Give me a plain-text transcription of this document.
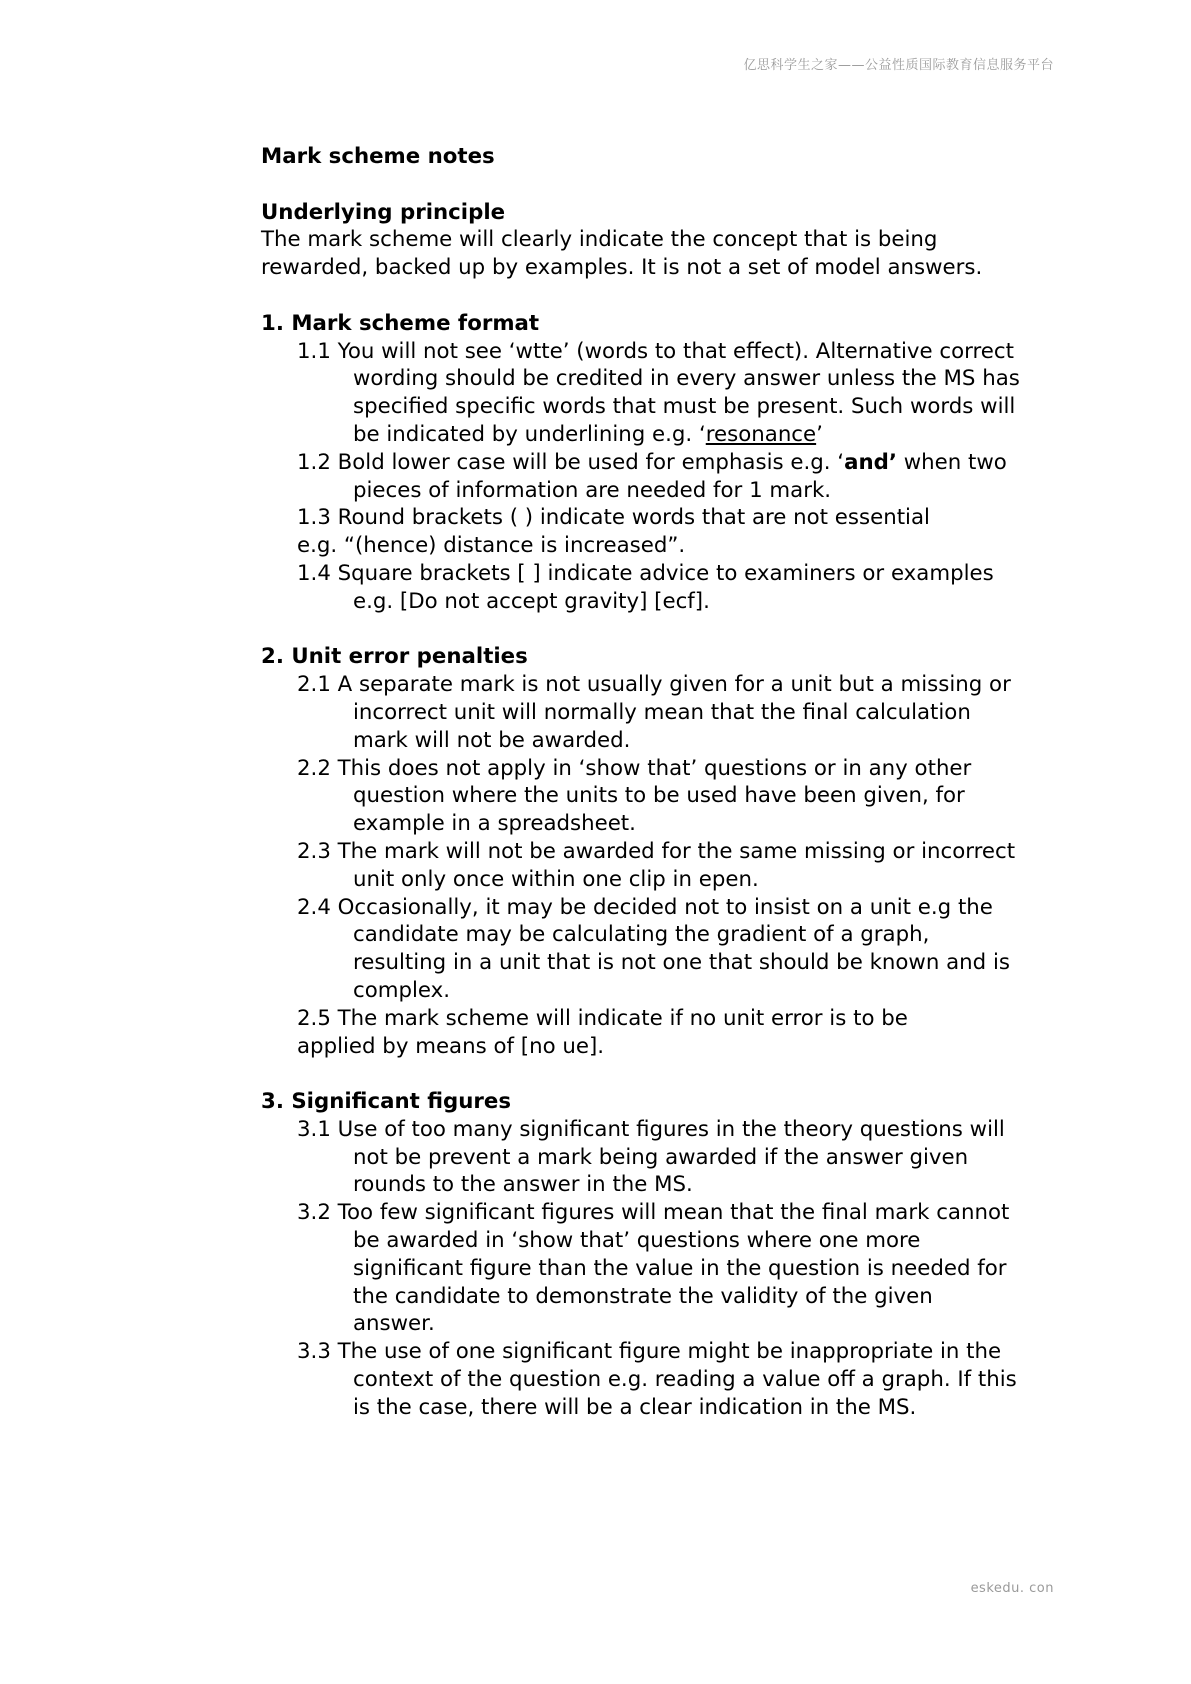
亿思科学生之家——公益性质国际教育信息服务平台

Mark scheme notes

Underlying principle

The mark scheme will clearly indicate the concept that is being rewarded, backed up by examples. It is not a set of model answers.

1. Mark scheme format

1.1 You will not see ‘wtte’ (words to that effect). Alternative correct wording should be credited in every answer unless the MS has specified specific words that must be present. Such words will be indicated by underlining e.g. ‘resonance’

1.2 Bold lower case will be used for emphasis e.g. ‘and’ when two pieces of information are needed for 1 mark.

1.3 Round brackets ( ) indicate words that are not essential

e.g. “(hence) distance is increased”.

1.4 Square brackets [ ] indicate advice to examiners or examples e.g. [Do not accept gravity] [ecf].

2. Unit error penalties

2.1 A separate mark is not usually given for a unit but a missing or incorrect unit will normally mean that the final calculation mark will not be awarded.

2.2 This does not apply in ‘show that’ questions or in any other question where the units to be used have been given, for example in a spreadsheet.

2.3 The mark will not be awarded for the same missing or incorrect unit only once within one clip in epen.

2.4 Occasionally, it may be decided not to insist on a unit e.g the candidate may be calculating the gradient of a graph, resulting in a unit that is not one that should be known and is complex.

2.5 The mark scheme will indicate if no unit error is to be

applied by means of [no ue].

3. Significant figures

3.1 Use of too many significant figures in the theory questions will not be prevent a mark being awarded if the answer given rounds to the answer in the MS.

3.2 Too few significant figures will mean that the final mark cannot be awarded in ‘show that’ questions where one more significant figure than the value in the question is needed for the candidate to demonstrate the validity of the given answer.

3.3 The use of one significant figure might be inappropriate in the context of the question e.g. reading a value off a graph. If this is the case, there will be a clear indication in the MS.

eskedu. con
